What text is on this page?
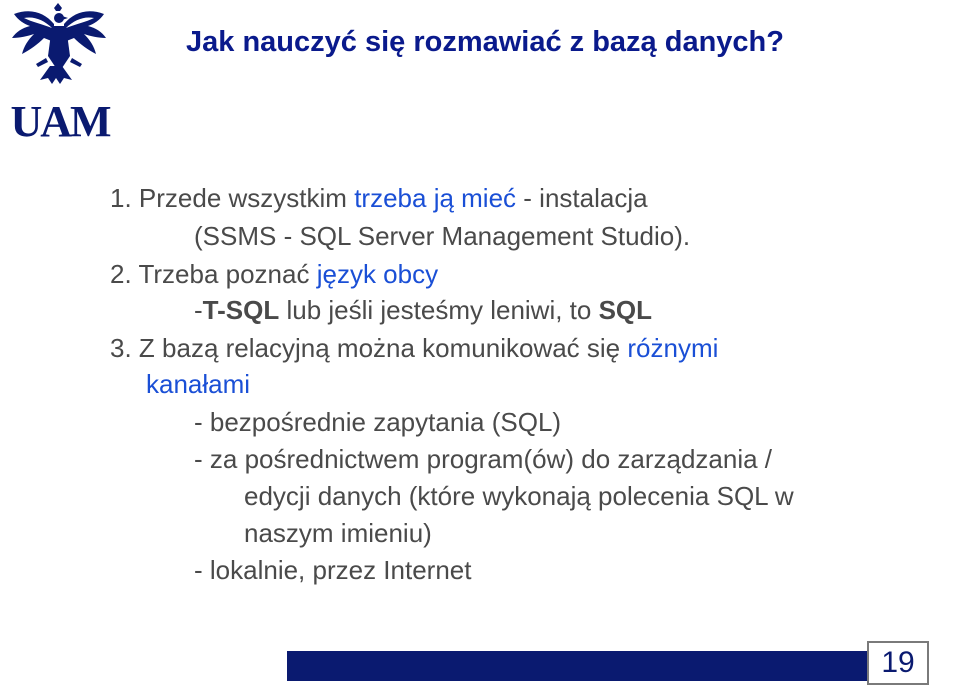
UAM
Jak nauczyć się rozmawiać z bazą danych?
1. Przede wszystkim trzeba ją mieć - instalacja
(SSMS - SQL Server Management Studio).
2. Trzeba poznać język obcy
-T-SQL lub jeśli jesteśmy leniwi, to SQL
3. Z bazą relacyjną można komunikować się różnymi
kanałami
- bezpośrednie zapytania (SQL)
- za pośrednictwem program(ów) do zarządzania /
edycji danych (które wykonają polecenia SQL w
naszym imieniu)
- lokalnie, przez Internet
19
